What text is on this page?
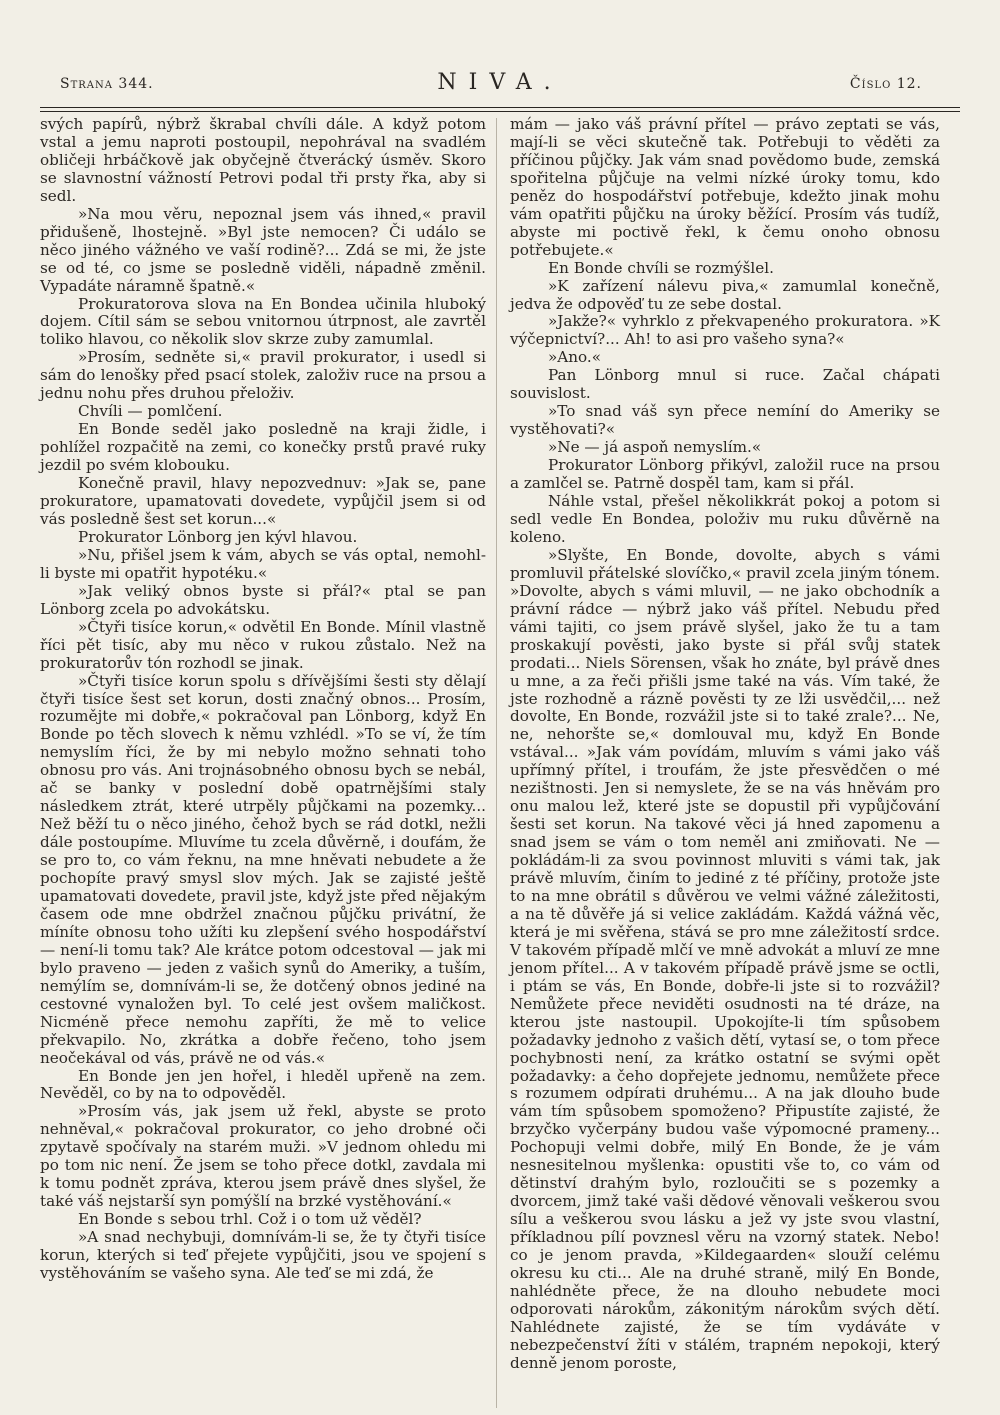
Strana 344.	NIVA.	Číslo 12.

svých papírů, nýbrž škrabal chvíli dále. A když potom vstal a jemu naproti postoupil, nepohrával na svadlém obličeji hrbáčkově jak obyčejně čtverácký úsměv. Skoro se slavnostní vážností Petrovi podal tři prsty řka, aby si sedl.

»Na mou věru, nepoznal jsem vás ihned,« pravil přidušeně, lhostejně. »Byl jste nemocen? Či událo se něco jiného vážného ve vaší rodině?... Zdá se mi, že jste se od té, co jsme se posledně viděli, nápadně změnil. Vypadáte náramně špatně.«

Prokuratorova slova na En Bondea učinila hluboký dojem. Cítil sám se sebou vnitornou útrpnost, ale zavrtěl toliko hlavou, co několik slov skrze zuby zamumlal.

»Prosím, sedněte si,« pravil prokurator, i usedl si sám do lenošky před psací stolek, založiv ruce na prsou a jednu nohu přes druhou přeloživ.

Chvíli — pomlčení.

En Bonde seděl jako posledně na kraji židle, i pohlížel rozpačitě na zemi, co konečky prstů pravé ruky jezdil po svém klobouku.

Konečně pravil, hlavy nepozvednuv: »Jak se, pane prokuratore, upamatovati dovedete, vypůjčil jsem si od vás posledně šest set korun...«

Prokurator Lönborg jen kývl hlavou.

»Nu, přišel jsem k vám, abych se vás optal, nemohl-li byste mi opatřit hypotéku.«

»Jak veliký obnos byste si přál?« ptal se pan Lönborg zcela po advokátsku.

»Čtyři tisíce korun,« odvětil En Bonde. Mínil vlastně říci pět tisíc, aby mu něco v rukou zůstalo. Než na prokuratorův tón rozhodl se jinak.

»Čtyři tisíce korun spolu s dřívějšími šesti sty dělají čtyři tisíce šest set korun, dosti značný obnos... Prosím, rozumějte mi dobře,« pokračoval pan Lönborg, když En Bonde po těch slovech k němu vzhlédl. »To se ví, že tím nemyslím říci, že by mi nebylo možno sehnati toho obnosu pro vás. Ani trojnásobného obnosu bych se nebál, ač se banky v poslední době opatrnějšími staly následkem ztrát, které utrpěly půjčkami na pozemky... Než běží tu o něco jiného, čehož bych se rád dotkl, nežli dále postoupíme. Mluvíme tu zcela důvěrně, i doufám, že se pro to, co vám řeknu, na mne hněvati nebudete a že pochopíte pravý smysl slov mých. Jak se zajisté ještě upamatovati dovedete, pravil jste, když jste před nějakým časem ode mne obdržel značnou půjčku privátní, že míníte obnosu toho užíti ku zlepšení svého hospodářství — není-li tomu tak? Ale krátce potom odcestoval — jak mi bylo praveno — jeden z vašich synů do Ameriky, a tuším, nemýlím se, domnívám-li se, že dotčený obnos jediné na cestovné vynaložen byl. To celé jest ovšem maličkost. Nicméně přece nemohu zapříti, že mě to velice překvapilo. No, zkrátka a dobře řečeno, toho jsem neočekával od vás, právě ne od vás.«

En Bonde jen jen hořel, i hleděl upřeně na zem. Nevěděl, co by na to odpověděl.

»Prosím vás, jak jsem už řekl, abyste se proto nehněval,« pokračoval prokurator, co jeho drobné oči zpytavě spočívaly na starém muži. »V jednom ohledu mi po tom nic není. Že jsem se toho přece dotkl, zavdala mi k tomu podnět zpráva, kterou jsem právě dnes slyšel, že také váš nejstarší syn pomýšlí na brzké vystěhování.«

En Bonde s sebou trhl. Což i o tom už věděl?

»A snad nechybuji, domnívám-li se, že ty čtyři tisíce korun, kterých si teď přejete vypůjčiti, jsou ve spojení s vystěhováním se vašeho syna. Ale teď se mi zdá, že

mám — jako váš právní přítel — právo zeptati se vás, mají-li se věci skutečně tak. Potřebuji to věděti za příčinou půjčky. Jak vám snad povědomo bude, zemská spořitelna půjčuje na velmi nízké úroky tomu, kdo peněz do hospodářství potřebuje, kdežto jinak mohu vám opatřiti půjčku na úroky běžící. Prosím vás tudíž, abyste mi poctivě řekl, k čemu onoho obnosu potřebujete.«

En Bonde chvíli se rozmýšlel.

»K zařízení nálevu piva,« zamumlal konečně, jedva že odpověď tu ze sebe dostal.

»Jakže?« vyhrklo z překvapeného prokuratora. »K výčepnictví?... Ah! to asi pro vašeho syna?«

»Ano.«

Pan Lönborg mnul si ruce. Začal chápati souvislost.

»To snad váš syn přece nemíní do Ameriky se vystěhovati?«

»Ne — já aspoň nemyslím.«

Prokurator Lönborg přikývl, založil ruce na prsou a zamlčel se. Patrně dospěl tam, kam si přál.

Náhle vstal, přešel několikkrát pokoj a potom si sedl vedle En Bondea, položiv mu ruku důvěrně na koleno.

»Slyšte, En Bonde, dovolte, abych s vámi promluvil přátelské slovíčko,« pravil zcela jiným tónem. »Dovolte, abych s vámi mluvil, — ne jako obchodník a právní rádce — nýbrž jako váš přítel. Nebudu před vámi tajiti, co jsem právě slyšel, jako že tu a tam proskakují pověsti, jako byste si přál svůj statek prodati... Niels Sörensen, však ho znáte, byl právě dnes u mne, a za řeči přišli jsme také na vás. Vím také, že jste rozhodně a rázně pověsti ty ze lži usvědčil,... než dovolte, En Bonde, rozvážil jste si to také zrale?... Ne, ne, nehoršte se,« domlouval mu, když En Bonde vstával... »Jak vám povídám, mluvím s vámi jako váš upřímný přítel, i troufám, že jste přesvědčen o mé nezištnosti. Jen si nemyslete, že se na vás hněvám pro onu malou lež, které jste se dopustil při vypůjčování šesti set korun. Na takové věci já hned zapomenu a snad jsem se vám o tom neměl ani zmiňovati. Ne — pokládám-li za svou povinnost mluviti s vámi tak, jak právě mluvím, činím to jediné z té příčiny, protože jste to na mne obrátil s důvěrou ve velmi vážné záležitosti, a na tě důvěře já si velice zakládám. Každá vážná věc, která je mi svěřena, stává se pro mne záležitostí srdce. V takovém případě mlčí ve mně advokát a mluví ze mne jenom přítel... A v takovém případě právě jsme se octli, i ptám se vás, En Bonde, dobře-li jste si to rozvážil? Nemůžete přece neviděti osudnosti na té dráze, na kterou jste nastoupil. Upokojíte-li tím spůsobem požadavky jednoho z vašich dětí, vytasí se, o tom přece pochybnosti není, za krátko ostatní se svými opět požadavky: a čeho dopřejete jednomu, nemůžete přece s rozumem odpírati druhému... A na jak dlouho bude vám tím spůsobem spomoženo? Připustíte zajisté, že brzyčko vyčerpány budou vaše výpomocné prameny... Pochopuji velmi dobře, milý En Bonde, že je vám nesnesitelnou myšlenka: opustiti vše to, co vám od dětinství drahým bylo, rozloučiti se s pozemky a dvorcem, jimž také vaši dědové věnovali veškerou svou sílu a veškerou svou lásku a jež vy jste svou vlastní, příkladnou pílí povznesl věru na vzorný statek. Nebo! co je jenom pravda, »Kildegaarden« slouží celému okresu ku cti... Ale na druhé straně, milý En Bonde, nahlédněte přece, že na dlouho nebudete moci odporovati nárokům, zákonitým nárokům svých dětí. Nahlédnete zajisté, že se tím vydáváte v nebezpečenství žíti v stálém, trapném nepokoji, který denně jenom poroste,
